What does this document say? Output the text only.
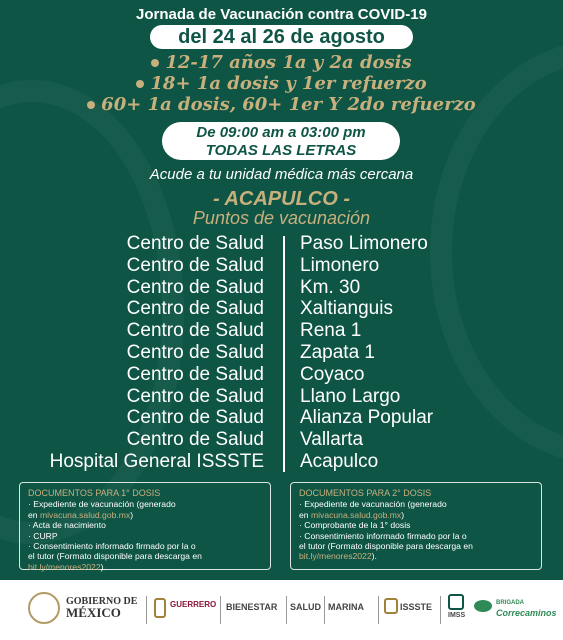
Jornada de Vacunación contra COVID-19
del 24 al 26 de agosto
12-17 años 1a y 2a dosis
18+ 1a dosis y 1er refuerzo
60+ 1a dosis, 60+ 1er Y 2do refuerzo
De 09:00 am a 03:00 pm
TODAS LAS LETRAS
Acude a tu unidad médica más cercana
- ACAPULCO -
Puntos de vacunación
Centro de Salud Paso Limonero
Centro de Salud Limonero
Centro de Salud Km. 30
Centro de Salud Xaltianguis
Centro de Salud Rena 1
Centro de Salud Zapata 1
Centro de Salud Coyaco
Centro de Salud Llano Largo
Centro de Salud Alianza Popular
Centro de Salud Vallarta
Hospital General ISSSTE Acapulco
DOCUMENTOS PARA 1° DOSIS
· Expediente de vacunación (generado
en mivacuna.salud.gob.mx)
· Acta de nacimiento
· CURP
· Consentimiento informado firmado por la o
el tutor (Formato disponible para descarga en
bit.ly/menores2022).
DOCUMENTOS PARA 2° DOSIS
· Expediente de vacunación (generado
en mivacuna.salud.gob.mx)
· Comprobante de la 1° dosis
· Consentimiento informado firmado por la o
el tutor (Formato disponible para descarga en
bit.ly/menores2022).
GOBIERNO DE
MÉXICO
GUERRERO BIENESTAR SALUD MARINA	ISSSTE
IMSS
BRIGADA
Correcaminos
